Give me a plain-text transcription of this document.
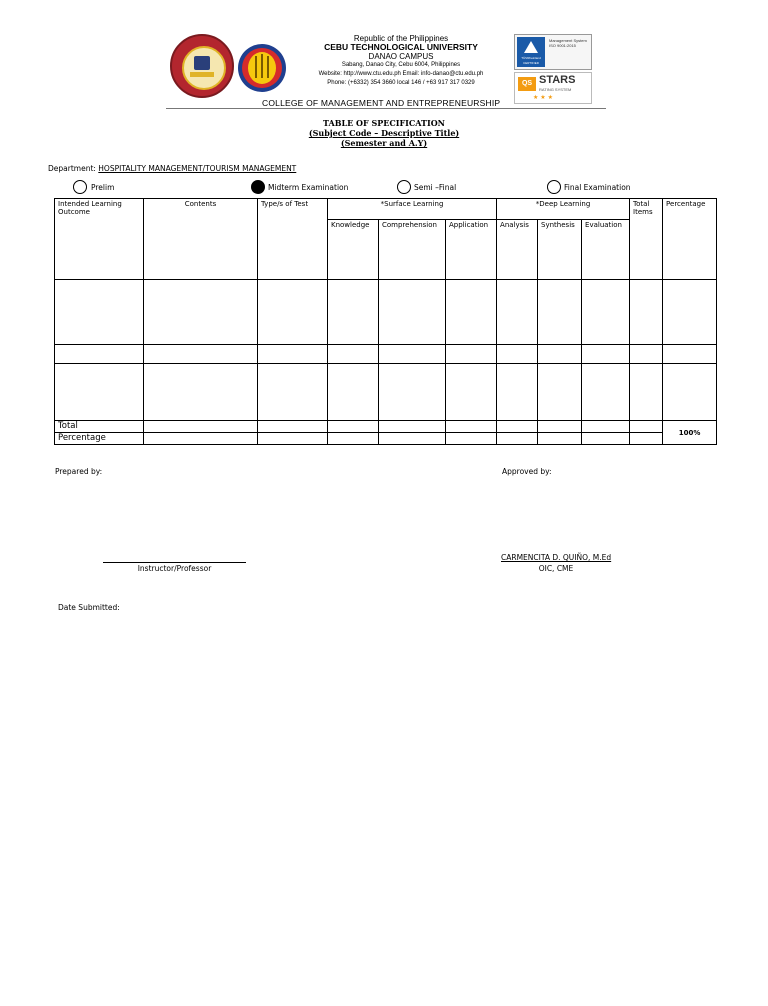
Republic of the Philippines
CEBU TECHNOLOGICAL UNIVERSITY
DANAO CAMPUS
Sabang, Danao City, Cebu 6004, Philippines
Website: http://www.ctu.edu.ph Email: info-danao@ctu.edu.ph
Phone: (+6332) 354 3660 local 146 / +63 917 317 0329
TÜVRheinland
CERTIFIED
Management System ISO 9001:2015
QS STARS
RATING SYSTEM
★ ★ ★
COLLEGE OF MANAGEMENT AND ENTREPRENEURSHIP
TABLE OF SPECIFICATION
(Subject Code – Descriptive Title)
(Semester and A.Y)
Department: HOSPITALITY MANAGEMENT/TOURISM MANAGEMENT
Prelim	Midterm Examination	Semi –Final	Final Examination
Intended Learning Outcome	Contents	Type/s of Test	*Surface Learning			*Deep Learning			Total Items	Percentage
			Knowledge	Comprehension	Application	Analysis	Synthesis	Evaluation		

Total										100%
Percentage										
Prepared by:	Approved by:
Instructor/Professor
CARMENCITA D. QUIÑO, M.Ed
OIC, CME
Date Submitted:
